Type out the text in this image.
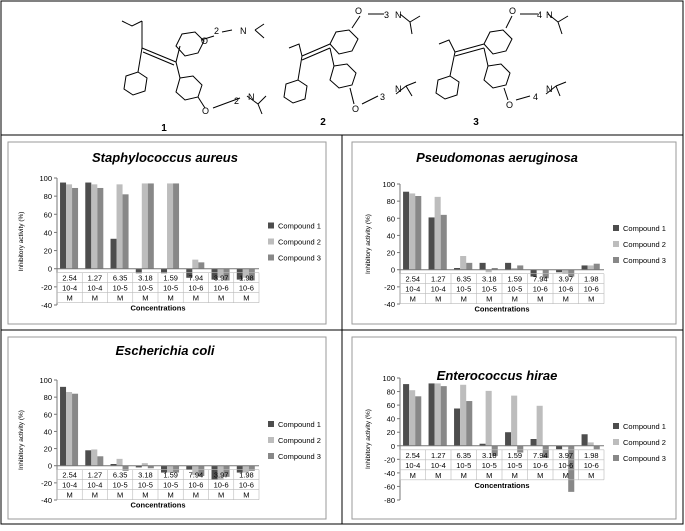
O
O
2
2
N
N
O
O
3
3
N
N
O
O
4
4
N
N
1
2	3
Staphylococcus aureus
-40
-20
0
20
40
60
80
100
Inhibitory activity (%)
2.54
10-4
M
1.27
10-4
M
6.35
10-5
M
3.18
10-5
M
1.59
10-5
M
7.94
10-6
M
3.97
10-6
M
1.98
10-6
M
Concentrations
Compound 1
Compound 2
Compound 3
Pseudomonas aeruginosa
-40
-20
0
20
40
60
80
100
Inhibitory activity (%)
2.54
10-4
M
1.27
10-4
M
6.35
10-5
M
3.18
10-5
M
1.59
10-5
M
7.94
10-6
M
3.97
10-6
M
1.98
10-6
M
Concentrations
Compound 1
Compound 2
Compound 3
Escherichia coli
-40
-20
0
20
40
60
80
100
Inhibitory activity (%)
2.54
10-4
M
1.27
10-4
M
6.35
10-5
M
3.18
10-5
M
1.59
10-5
M
7.94
10-6
M
3.97
10-6
M
1.98
10-6
M
Concentrations
Compound 1
Compound 2
Compound 3
Enterococcus hirae
-80
-60
-40
-20
0
20
40
60
80
100
Inhibitory activity (%)	2.54
10-4
M
1.27
10-4
M
6.35
10-5
M
3.18
10-5
M
1.59
10-5
M
7.94
10-6
M
3.97
10-6
M
1.98
10-6
M
Concentrations
Compound 1
Compound 2
Compound 3
